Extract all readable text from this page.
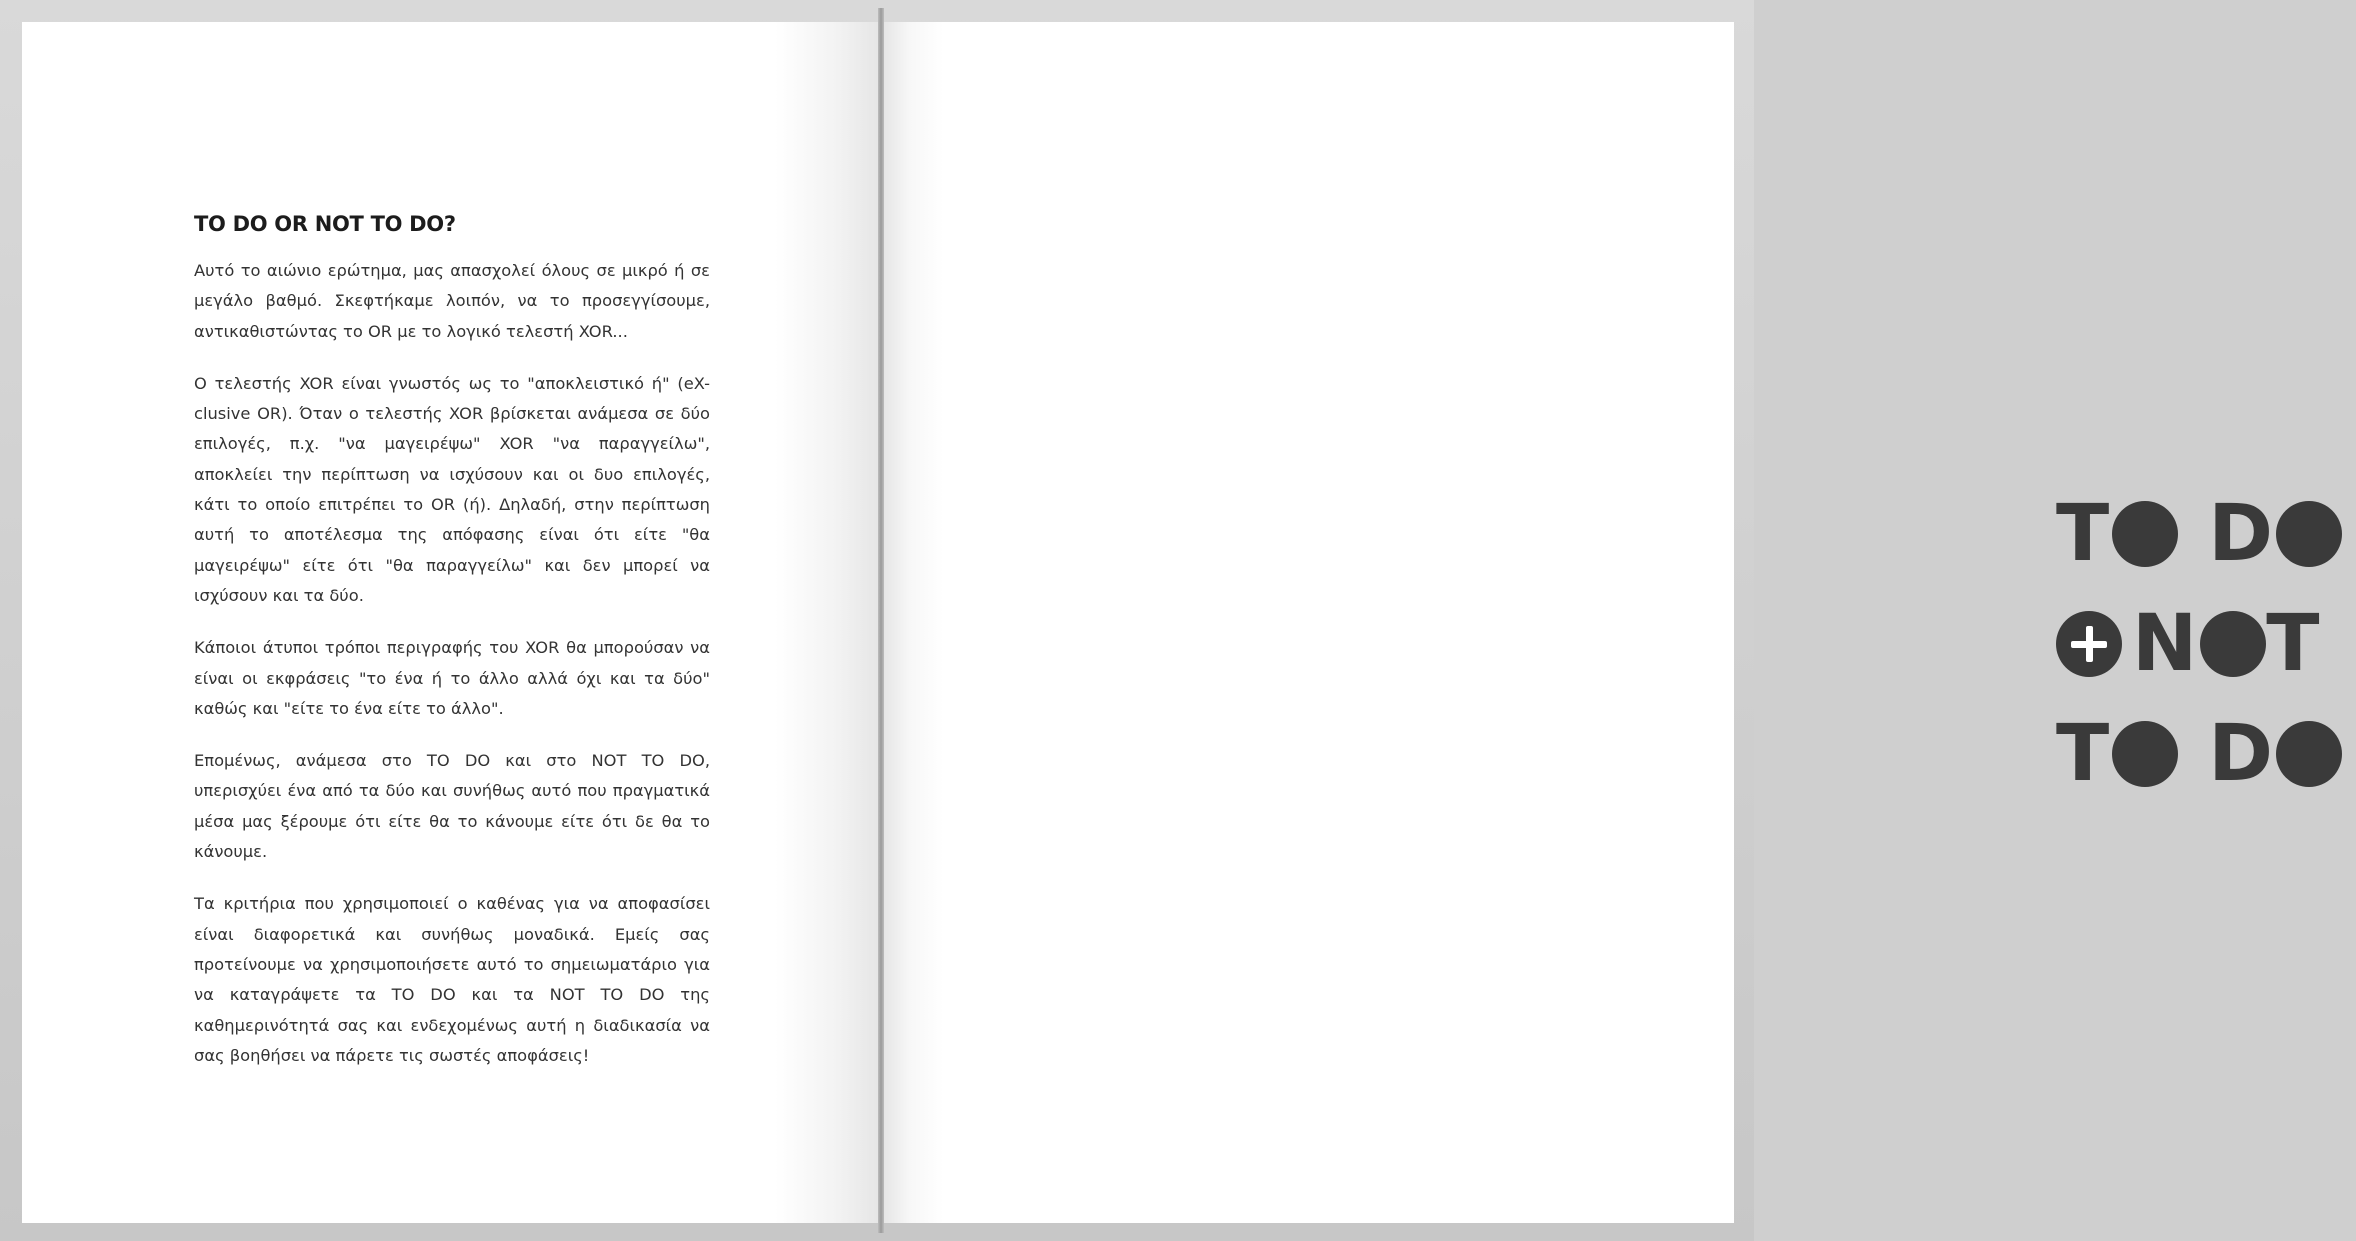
TO DO OR NOT TO DO?

Αυτό το αιώνιο ερώτημα, μας απασχολεί όλους σε μικρό ή σε μεγάλο βαθμό. Σκεφτήκαμε λοιπόν, να το προσεγγίσουμε, αντικαθιστώντας το OR με το λογικό τελεστή XOR...

Ο τελεστής XOR είναι γνωστός ως το "αποκλειστικό ή" (eX-clusive OR). Όταν ο τελεστής XOR βρίσκεται ανάμεσα σε δύο επιλογές, π.χ. "να μαγειρέψω" XOR "να παραγγείλω", αποκλείει την περίπτωση να ισχύσουν και οι δυο επιλογές, κάτι το οποίο επιτρέπει το OR (ή). Δηλαδή, στην περίπτωση αυτή το αποτέλεσμα της απόφασης είναι ότι είτε "θα μαγειρέψω" είτε ότι "θα παραγγείλω" και δεν μπορεί να ισχύσουν και τα δύο.

Κάποιοι άτυποι τρόποι περιγραφής του XOR θα μπορούσαν να είναι οι εκφράσεις "το ένα ή το άλλο αλλά όχι και τα δύο" καθώς και "είτε το ένα είτε το άλλο".

Επομένως, ανάμεσα στο TO DO και στο NOT TO DO, υπερισχύει ένα από τα δύο και συνήθως αυτό που πραγματικά μέσα μας ξέρουμε ότι είτε θα το κάνουμε είτε ότι δε θα το κάνουμε.

Τα κριτήρια που χρησιμοποιεί ο καθένας για να αποφασίσει είναι διαφορετικά και συνήθως μοναδικά. Εμείς σας προτείνουμε να χρησιμοποιήσετε αυτό το σημειωματάριο για να καταγράψετε τα TO DO και τα NOT TO DO της καθημερινότητά σας και ενδεχομένως αυτή η διαδικασία να σας βοηθήσει να πάρετε τις σωστές αποφάσεις!

T D
N T
T D
